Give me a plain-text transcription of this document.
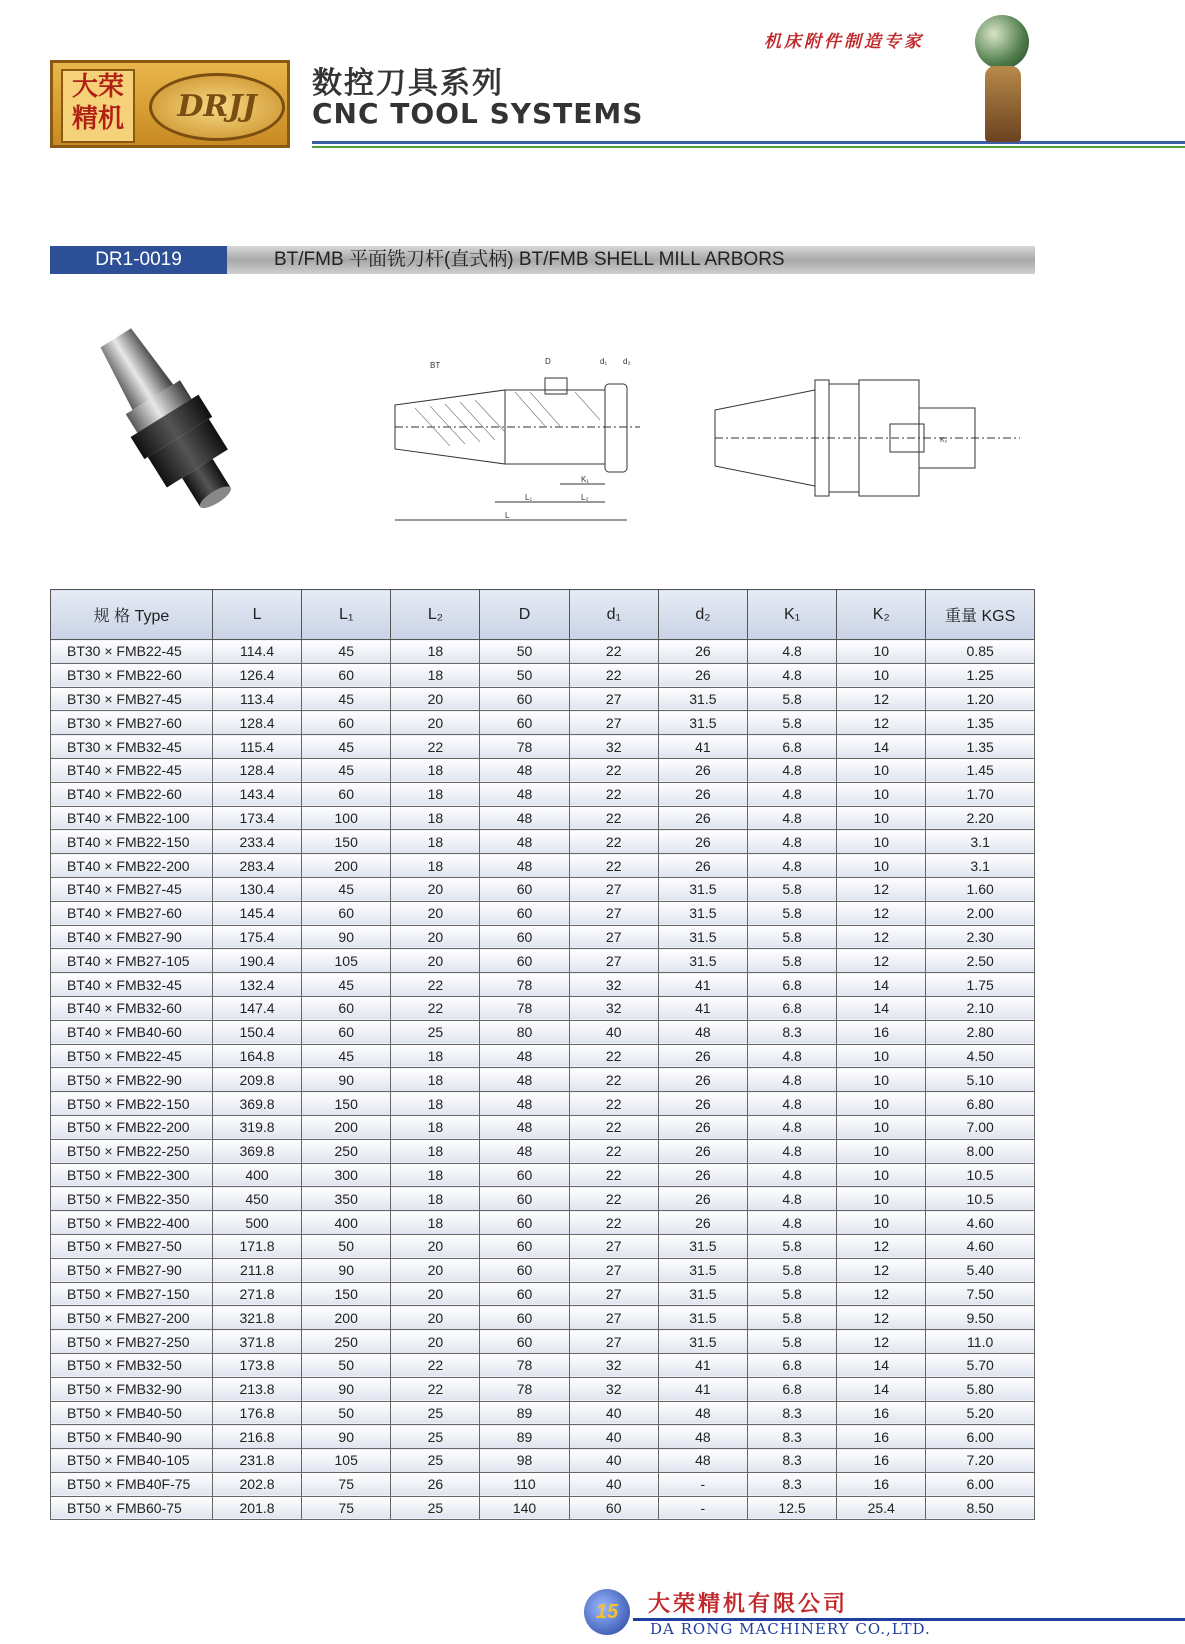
大荣精机	DRJJ
数控刀具系列
CNC TOOL SYSTEMS
机床附件制造专家
DR1-0019	BT/FMB 平面铣刀杆(直式柄) BT/FMB SHELL MILL ARBORS
BT	D	d₁ d₂
K₁
L₁	L₂
L
K₂
规 格 Type	L	L₁	L₂	D	d₁	d₂	K₁	K₂	重量 KGS
BT30 × FMB22-45	114.4	45	18	50	22	26	4.8	10	0.85
BT30 × FMB22-60	126.4	60	18	50	22	26	4.8	10	1.25
BT30 × FMB27-45	113.4	45	20	60	27	31.5	5.8	12	1.20
BT30 × FMB27-60	128.4	60	20	60	27	31.5	5.8	12	1.35
BT30 × FMB32-45	115.4	45	22	78	32	41	6.8	14	1.35
BT40 × FMB22-45	128.4	45	18	48	22	26	4.8	10	1.45
BT40 × FMB22-60	143.4	60	18	48	22	26	4.8	10	1.70
BT40 × FMB22-100	173.4	100	18	48	22	26	4.8	10	2.20
BT40 × FMB22-150	233.4	150	18	48	22	26	4.8	10	3.1
BT40 × FMB22-200	283.4	200	18	48	22	26	4.8	10	3.1
BT40 × FMB27-45	130.4	45	20	60	27	31.5	5.8	12	1.60
BT40 × FMB27-60	145.4	60	20	60	27	31.5	5.8	12	2.00
BT40 × FMB27-90	175.4	90	20	60	27	31.5	5.8	12	2.30
BT40 × FMB27-105	190.4	105	20	60	27	31.5	5.8	12	2.50
BT40 × FMB32-45	132.4	45	22	78	32	41	6.8	14	1.75
BT40 × FMB32-60	147.4	60	22	78	32	41	6.8	14	2.10
BT40 × FMB40-60	150.4	60	25	80	40	48	8.3	16	2.80
BT50 × FMB22-45	164.8	45	18	48	22	26	4.8	10	4.50
BT50 × FMB22-90	209.8	90	18	48	22	26	4.8	10	5.10
BT50 × FMB22-150	369.8	150	18	48	22	26	4.8	10	6.80
BT50 × FMB22-200	319.8	200	18	48	22	26	4.8	10	7.00
BT50 × FMB22-250	369.8	250	18	48	22	26	4.8	10	8.00
BT50 × FMB22-300	400	300	18	60	22	26	4.8	10	10.5
BT50 × FMB22-350	450	350	18	60	22	26	4.8	10	10.5
BT50 × FMB22-400	500	400	18	60	22	26	4.8	10	4.60
BT50 × FMB27-50	171.8	50	20	60	27	31.5	5.8	12	4.60
BT50 × FMB27-90	211.8	90	20	60	27	31.5	5.8	12	5.40
BT50 × FMB27-150	271.8	150	20	60	27	31.5	5.8	12	7.50
BT50 × FMB27-200	321.8	200	20	60	27	31.5	5.8	12	9.50
BT50 × FMB27-250	371.8	250	20	60	27	31.5	5.8	12	11.0
BT50 × FMB32-50	173.8	50	22	78	32	41	6.8	14	5.70
BT50 × FMB32-90	213.8	90	22	78	32	41	6.8	14	5.80
BT50 × FMB40-50	176.8	50	25	89	40	48	8.3	16	5.20
BT50 × FMB40-90	216.8	90	25	89	40	48	8.3	16	6.00
BT50 × FMB40-105	231.8	105	25	98	40	48	8.3	16	7.20
BT50 × FMB40F-75	202.8	75	26	110	40	-	8.3	16	6.00
BT50 × FMB60-75	201.8	75	25	140	60	-	12.5	25.4	8.50
15	大荣精机有限公司
DA RONG MACHINERY CO.,LTD.
